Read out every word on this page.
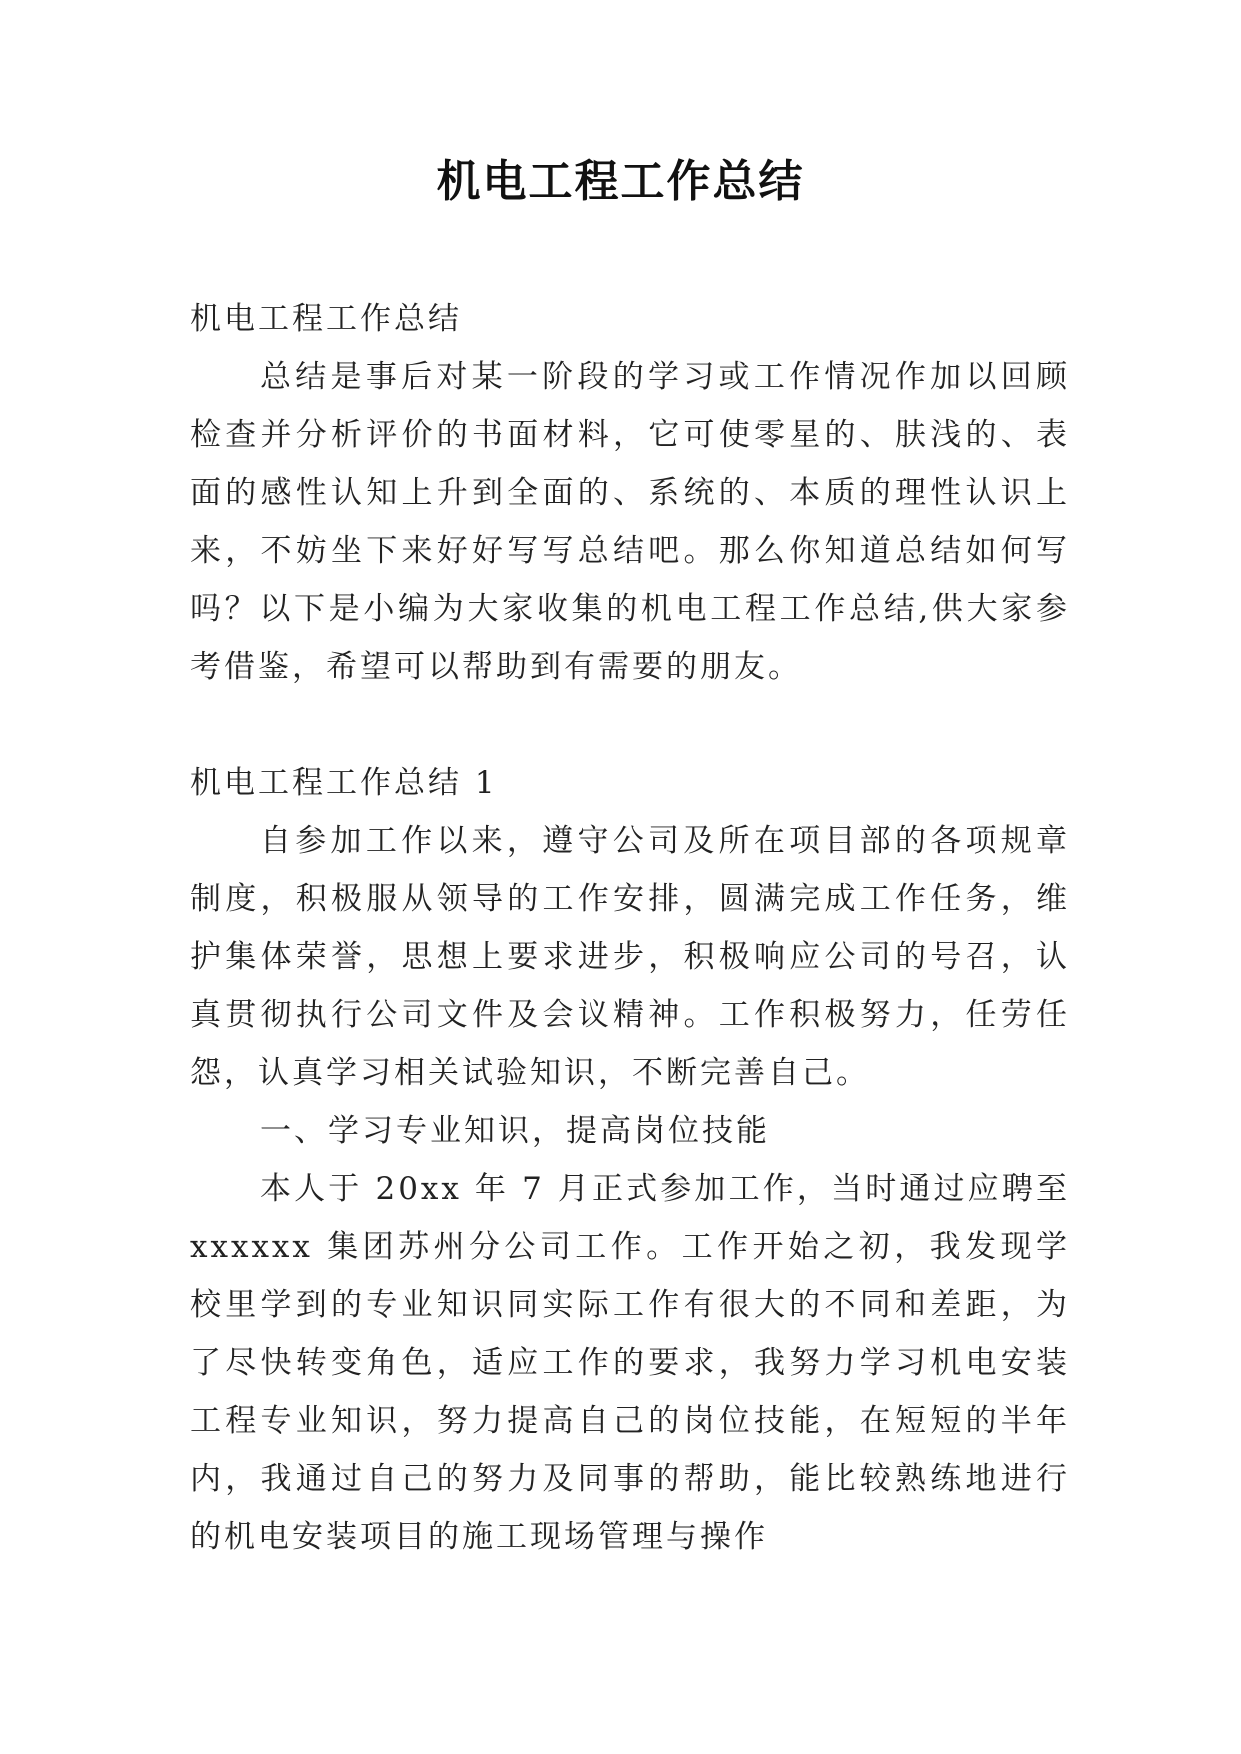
机电工程工作总结

机电工程工作总结

总结是事后对某一阶段的学习或工作情况作加以回顾检查并分析评价的书面材料，它可使零星的、肤浅的、表面的感性认知上升到全面的、系统的、本质的理性认识上来，不妨坐下来好好写写总结吧。那么你知道总结如何写吗？以下是小编为大家收集的机电工程工作总结,供大家参考借鉴，希望可以帮助到有需要的朋友。

机电工程工作总结 1

自参加工作以来，遵守公司及所在项目部的各项规章制度，积极服从领导的工作安排，圆满完成工作任务，维护集体荣誉，思想上要求进步，积极响应公司的号召，认真贯彻执行公司文件及会议精神。工作积极努力，任劳任怨，认真学习相关试验知识，不断完善自己。

一、学习专业知识，提高岗位技能

本人于 20xx 年 7 月正式参加工作，当时通过应聘至xxxxxx 集团苏州分公司工作。工作开始之初，我发现学校里学到的专业知识同实际工作有很大的不同和差距，为了尽快转变角色，适应工作的要求，我努力学习机电安装工程专业知识，努力提高自己的岗位技能，在短短的半年内，我通过自己的努力及同事的帮助，能比较熟练地进行的机电安装项目的施工现场管理与操作
